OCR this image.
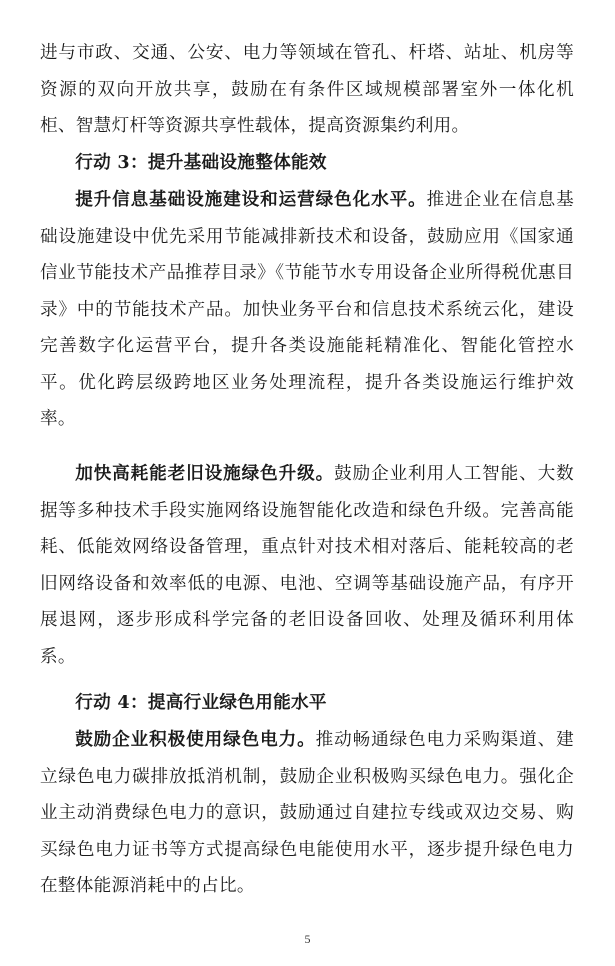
进与市政、交通、公安、电力等领域在管孔、杆塔、站址、机房等资源的双向开放共享，鼓励在有条件区域规模部署室外一体化机柜、智慧灯杆等资源共享性载体，提高资源集约利用。

行动 3：提升基础设施整体能效

提升信息基础设施建设和运营绿色化水平。推进企业在信息基础设施建设中优先采用节能减排新技术和设备，鼓励应用《国家通信业节能技术产品推荐目录》《节能节水专用设备企业所得税优惠目录》中的节能技术产品。加快业务平台和信息技术系统云化，建设完善数字化运营平台，提升各类设施能耗精准化、智能化管控水平。优化跨层级跨地区业务处理流程，提升各类设施运行维护效率。

加快高耗能老旧设施绿色升级。鼓励企业利用人工智能、大数据等多种技术手段实施网络设施智能化改造和绿色升级。完善高能耗、低能效网络设备管理，重点针对技术相对落后、能耗较高的老旧网络设备和效率低的电源、电池、空调等基础设施产品，有序开展退网，逐步形成科学完备的老旧设备回收、处理及循环利用体系。

行动 4：提高行业绿色用能水平

鼓励企业积极使用绿色电力。推动畅通绿色电力采购渠道、建立绿色电力碳排放抵消机制，鼓励企业积极购买绿色电力。强化企业主动消费绿色电力的意识，鼓励通过自建拉专线或双边交易、购买绿色电力证书等方式提高绿色电能使用水平，逐步提升绿色电力在整体能源消耗中的占比。

5
